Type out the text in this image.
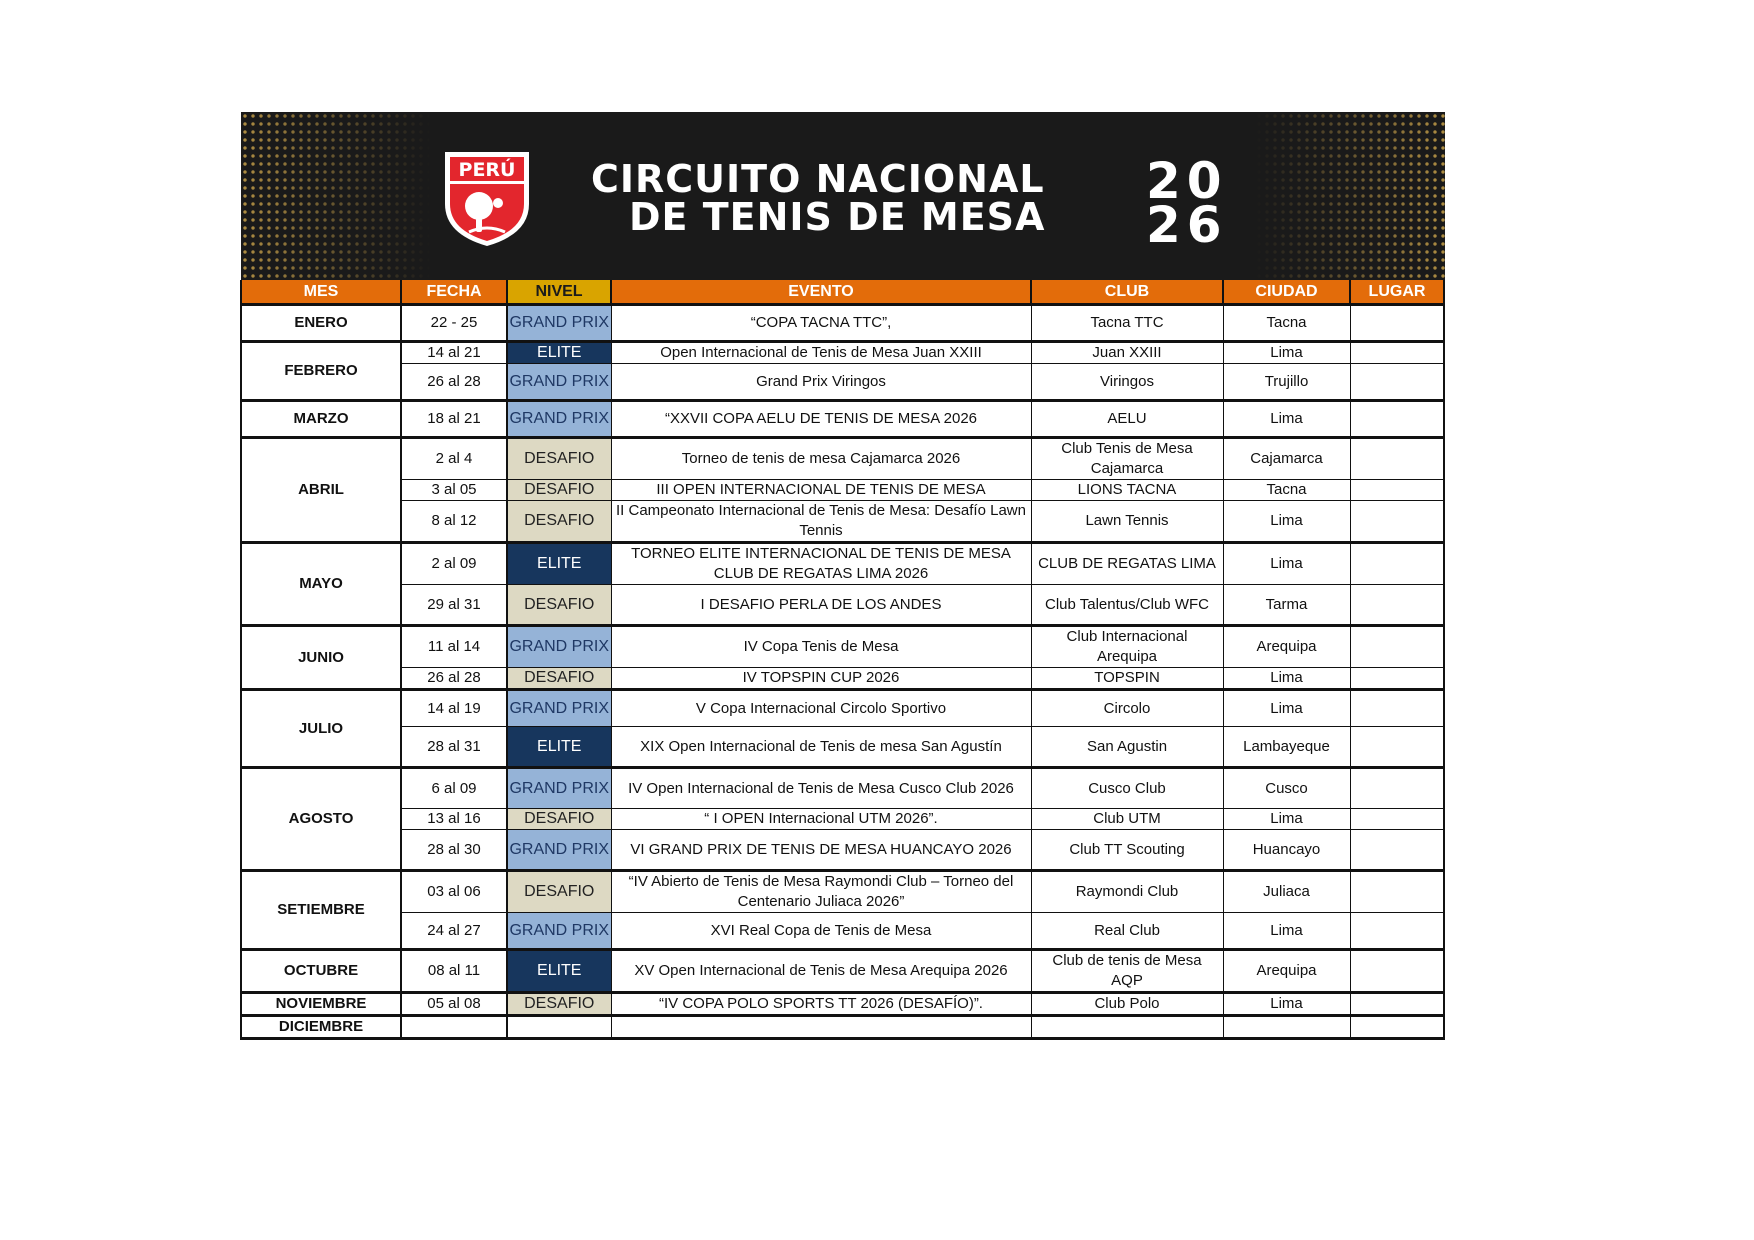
PERÚ CIRCUITO NACIONAL
DE TENIS DE MESA
20
26
MES	FECHA	NIVEL	EVENTO	CLUB	CIUDAD	LUGAR
ENERO	22 - 25	GRAND PRIX	“COPA TACNA TTC”,	Tacna TTC	Tacna	
FEBRERO	14 al 21	ELITE	Open Internacional de Tenis de Mesa Juan XXIII	Juan XXIII	Lima	
	26 al 28	GRAND PRIX	Grand Prix Viringos	Viringos	Trujillo	
MARZO	18 al 21	GRAND PRIX	“XXVII COPA AELU DE TENIS DE MESA 2026	AELU	Lima	
ABRIL	2 al 4	DESAFIO	Torneo de tenis de mesa Cajamarca 2026	Club Tenis de Mesa Cajamarca	Cajamarca	
	3 al 05	DESAFIO	III OPEN INTERNACIONAL DE TENIS DE MESA	LIONS TACNA	Tacna	
	8 al 12	DESAFIO	II Campeonato Internacional de Tenis de Mesa: Desafío Lawn Tennis	Lawn Tennis	Lima	
MAYO	2 al 09	ELITE	TORNEO ELITE INTERNACIONAL DE TENIS DE MESA CLUB DE REGATAS LIMA 2026	CLUB DE REGATAS LIMA	Lima	
	29 al 31	DESAFIO	I DESAFIO PERLA DE LOS ANDES	Club Talentus/Club WFC	Tarma	
JUNIO	11 al 14	GRAND PRIX	IV Copa Tenis de Mesa	Club Internacional Arequipa	Arequipa	
	26 al 28	DESAFIO	IV TOPSPIN CUP 2026	TOPSPIN	Lima	
JULIO	14 al 19	GRAND PRIX	V Copa Internacional Circolo Sportivo	Circolo	Lima	
	28 al 31	ELITE	XIX Open Internacional de Tenis de mesa San Agustín	San Agustin	Lambayeque	
AGOSTO	6 al 09	GRAND PRIX	IV Open Internacional de Tenis de Mesa Cusco Club 2026	Cusco Club	Cusco	
	13 al 16	DESAFIO	“ I OPEN Internacional UTM 2026”.	Club UTM	Lima	
	28 al 30	GRAND PRIX	VI GRAND PRIX DE TENIS DE MESA HUANCAYO 2026	Club TT Scouting	Huancayo	
SETIEMBRE	03 al 06	DESAFIO	“IV Abierto de Tenis de Mesa Raymondi Club – Torneo del Centenario Juliaca 2026”	Raymondi Club	Juliaca	
	24 al 27	GRAND PRIX	XVI Real Copa de Tenis de Mesa	Real Club	Lima	
OCTUBRE	08 al 11	ELITE	XV Open Internacional de Tenis de Mesa Arequipa 2026	Club de tenis de Mesa AQP	Arequipa	
NOVIEMBRE	05 al 08	DESAFIO	“IV COPA POLO SPORTS TT 2026 (DESAFÍO)”.	Club Polo	Lima	
DICIEMBRE						
